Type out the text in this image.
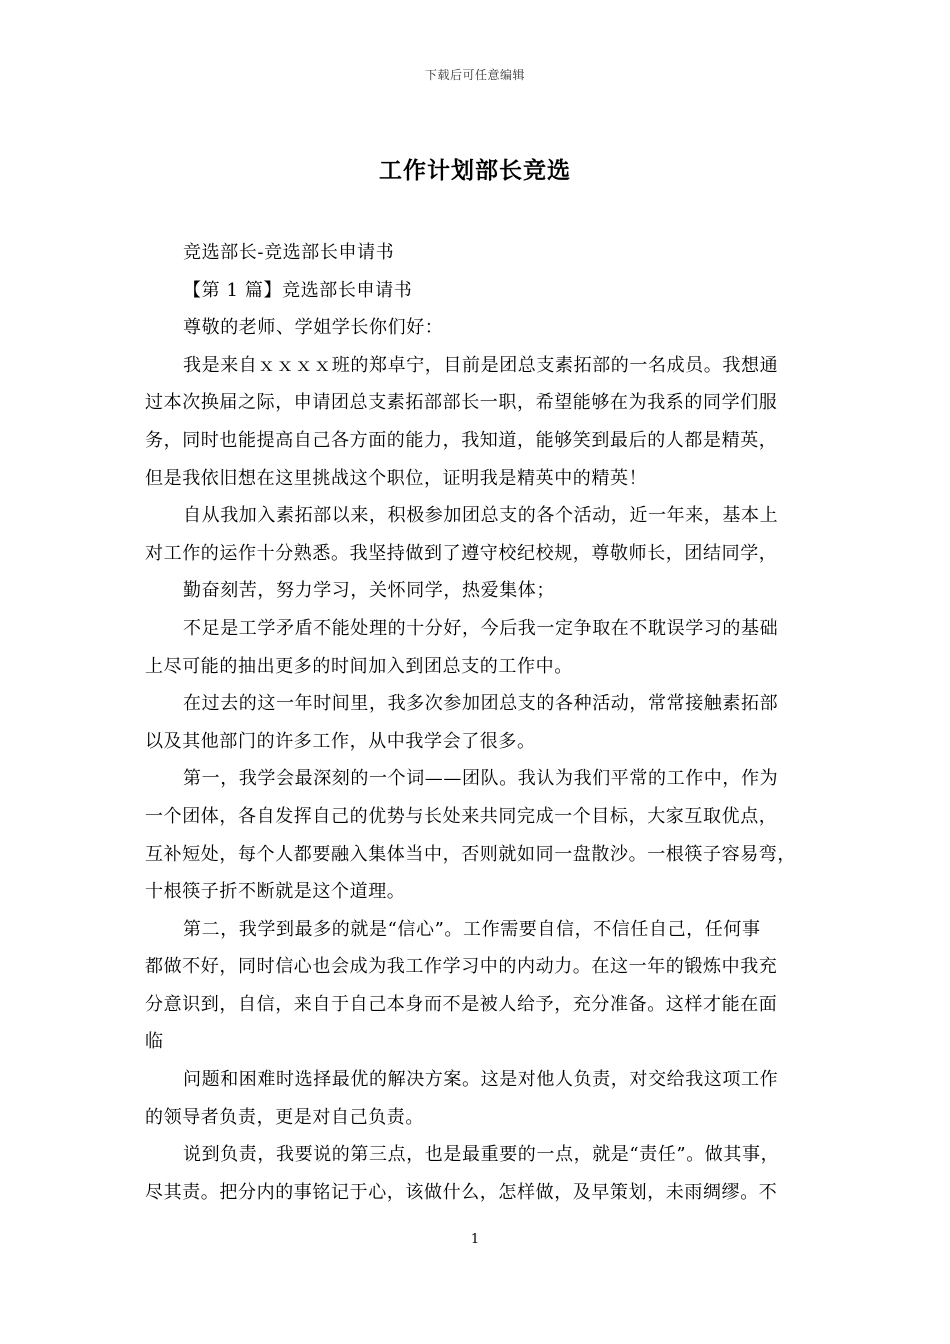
下载后可任意编辑
工作计划部长竞选
竞选部长-竞选部长申请书
【第 1 篇】竞选部长申请书
尊敬的老师、学姐学长你们好：
我是来自ｘｘｘｘ班的郑卓宁，目前是团总支素拓部的一名成员。我想通
过本次换届之际，申请团总支素拓部部长一职，希望能够在为我系的同学们服
务，同时也能提高自己各方面的能力，我知道，能够笑到最后的人都是精英，
但是我依旧想在这里挑战这个职位，证明我是精英中的精英！
自从我加入素拓部以来，积极参加团总支的各个活动，近一年来，基本上
对工作的运作十分熟悉。我坚持做到了遵守校纪校规，尊敬师长，团结同学，
勤奋刻苦，努力学习，关怀同学，热爱集体；
不足是工学矛盾不能处理的十分好，今后我一定争取在不耽误学习的基础
上尽可能的抽出更多的时间加入到团总支的工作中。
在过去的这一年时间里，我多次参加团总支的各种活动，常常接触素拓部
以及其他部门的许多工作，从中我学会了很多。
第一，我学会最深刻的一个词——团队。我认为我们平常的工作中，作为
一个团体，各自发挥自己的优势与长处来共同完成一个目标，大家互取优点，
互补短处，每个人都要融入集体当中，否则就如同一盘散沙。一根筷子容易弯，
十根筷子折不断就是这个道理。
第二，我学到最多的就是“信心”。工作需要自信，不信任自己，任何事
都做不好，同时信心也会成为我工作学习中的内动力。在这一年的锻炼中我充
分意识到，自信，来自于自己本身而不是被人给予，充分准备。这样才能在面
临
问题和困难时选择最优的解决方案。这是对他人负责，对交给我这项工作
的领导者负责，更是对自己负责。
说到负责，我要说的第三点，也是最重要的一点，就是“责任”。做其事，
尽其责。把分内的事铭记于心，该做什么，怎样做，及早策划，未雨绸缪。不
1
